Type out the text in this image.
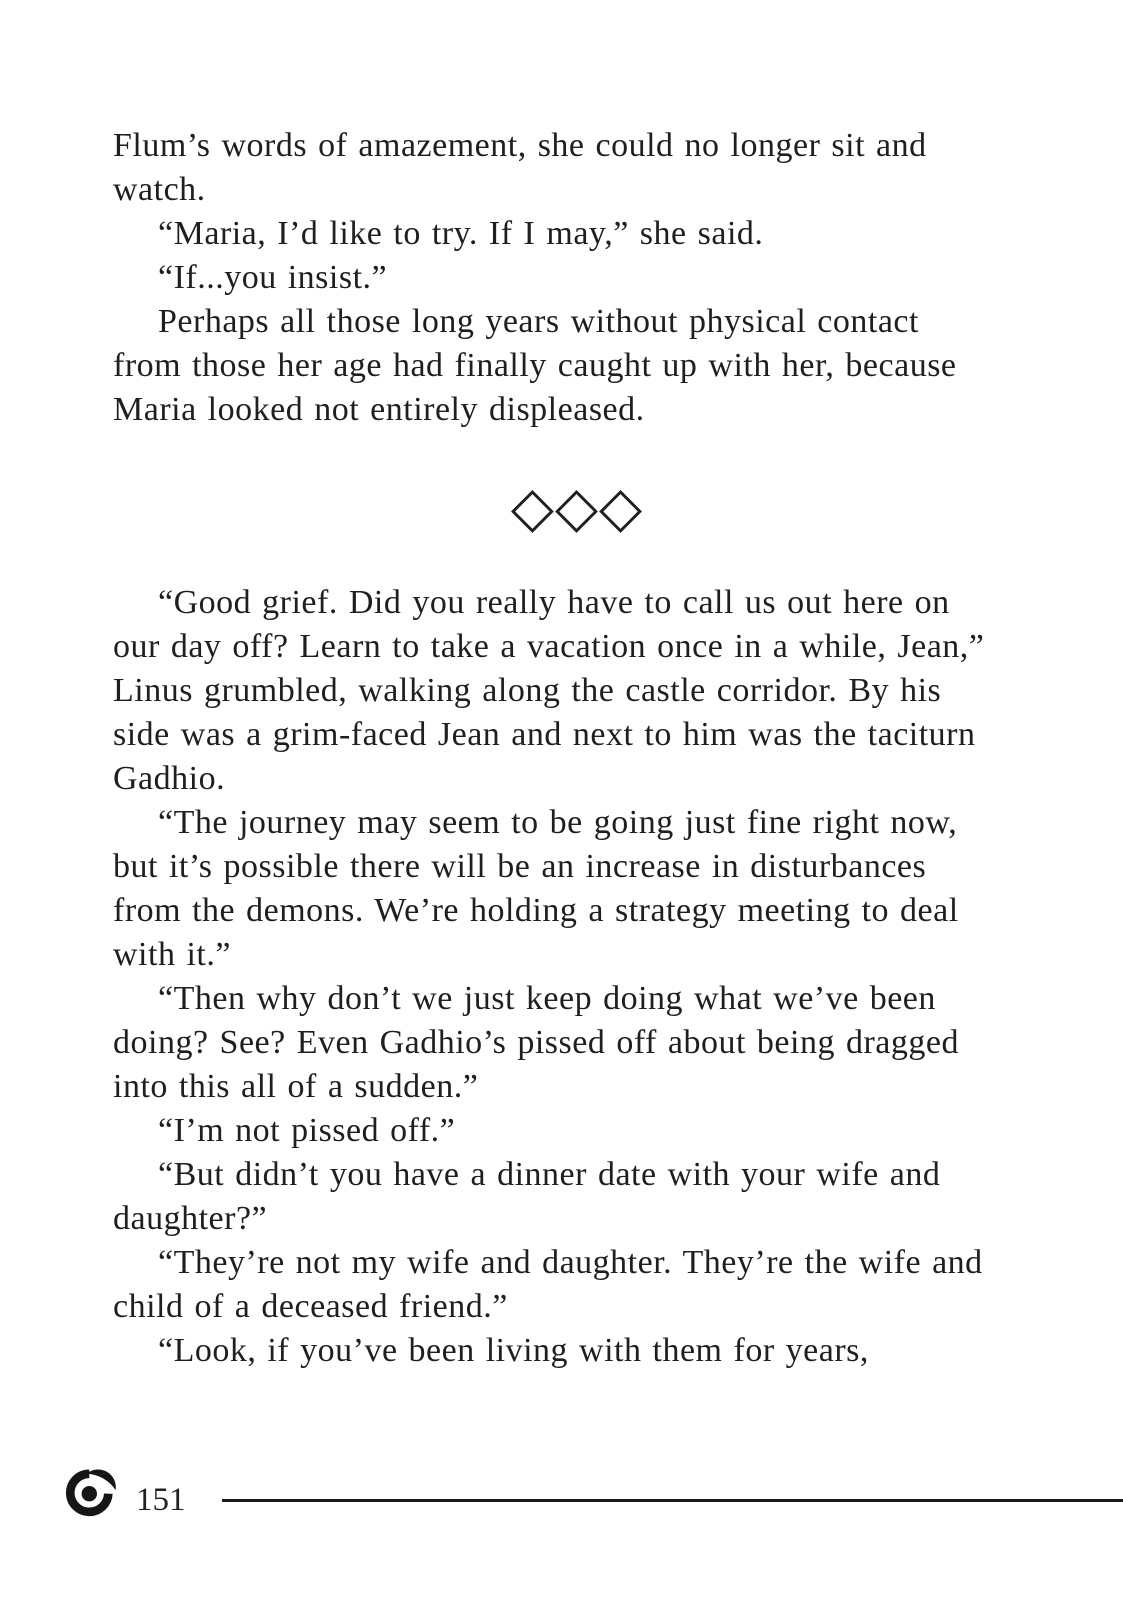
Flum’s words of amazement, she could no longer sit and
watch.
“Maria, I’d like to try. If I may,” she said.
“If...you insist.”
Perhaps all those long years without physical contact
from those her age had finally caught up with her, because
Maria looked not entirely displeased.
◇◇◇
“Good grief. Did you really have to call us out here on
our day off? Learn to take a vacation once in a while, Jean,”
Linus grumbled, walking along the castle corridor. By his
side was a grim-faced Jean and next to him was the taciturn
Gadhio.
“The journey may seem to be going just fine right now,
but it’s possible there will be an increase in disturbances
from the demons. We’re holding a strategy meeting to deal
with it.”
“Then why don’t we just keep doing what we’ve been
doing? See? Even Gadhio’s pissed off about being dragged
into this all of a sudden.”
“I’m not pissed off.”
“But didn’t you have a dinner date with your wife and
daughter?”
“They’re not my wife and daughter. They’re the wife and
child of a deceased friend.”
“Look, if you’ve been living with them for years,
151
